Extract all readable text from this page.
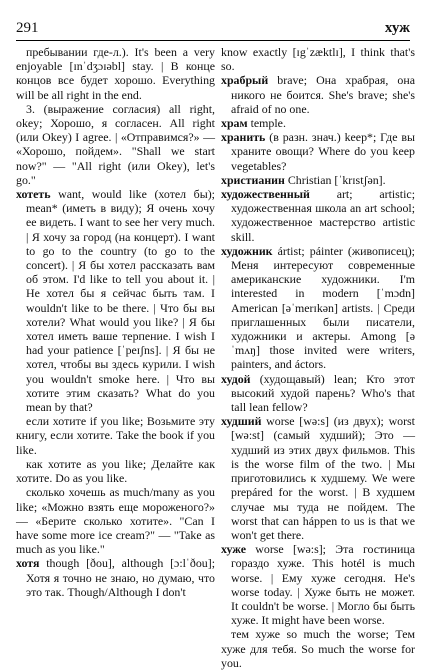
291	хуж

пребывании где-л.). It's been a very enjoyable [ɪnˈdʒɔɪəbl] stay. | В конце концов все будет хорошо. Everything will be all right in the end.

3. (выражение согласия) all right, okey; Хорошо, я согласен. All right (или Okey) I agree. | «Отправимся?» — «Хорошо, пойдем». "Shall we start now?" — "All right (или Okey), let's go."

хотеть want, would like (хотел бы); mean* (иметь в виду); Я очень хочу ее видеть. I want to see her very much. | Я хочу за город (на концерт). I want to go to the country (to go to the concert). | Я бы хотел рассказать вам об этом. I'd like to tell you about it. | Не хотел бы я сейчас быть там. I wouldn't like to be there. | Что бы вы хотели? What would you like? | Я бы хотел иметь ваше терпение. I wish I had your patience [ˈpeɪʃns]. | Я бы не хотел, чтобы вы здесь курили. I wish you wouldn't smoke here. | Что вы хотите этим сказать? What do you mean by that?

если хотите if you like; Возьмите эту книгу, если хотите. Take the book if you like.

как хотите as you like; Делайте как хотите. Do as you like.

сколько хочешь as much/many as you like; «Можно взять еще мороженого?» — «Берите сколько хотите». "Can I have some more ice cream?" — "Take as much as you like."

хотя though [ðou], although [ɔ:lˈðou]; Хотя я точно не знаю, но думаю, что это так. Though/Although I don't

know exactly [ɪgˈzæktlɪ], I think that's so.

храбрый brave; Она храбрая, она никого не боится. She's brave; she's afraid of no one.

храм temple.

хранить (в разн. знач.) keep*; Где вы храните овощи? Where do you keep vegetables?

христианин Christian [ˈkrɪstʃən].

художественный art; artistic; художественная школа an art school; художественное мастерство artistic skill.

художник ártist; páinter (живописец); Меня интересуют современные американские художники. I'm interested in modern [ˈmɔdn] American [əˈmerɪkən] artists. | Среди приглашенных были писатели, художники и актеры. Among [əˈmʌŋ] those invited were writers, painters, and áctors.

худой (худощавый) lean; Кто этот высокий худой парень? Who's that tall lean fellow?

худший worse [wə:s] (из двух); worst [wə:st] (самый худший); Это — худший из этих двух фильмов. This is the worse film of the two. | Мы приготовились к худшему. We were prepáred for the worst. | В худшем случае мы туда не пойдем. The worst that can háppen to us is that we won't get there.

хуже worse [wə:s]; Эта гостиница гораздо хуже. This hotél is much worse. | Ему хуже сегодня. He's worse today. | Хуже быть не может. It couldn't be worse. | Могло бы быть хуже. It might have been worse.

тем хуже so much the worse; Тем хуже для тебя. So much the worse for you.
